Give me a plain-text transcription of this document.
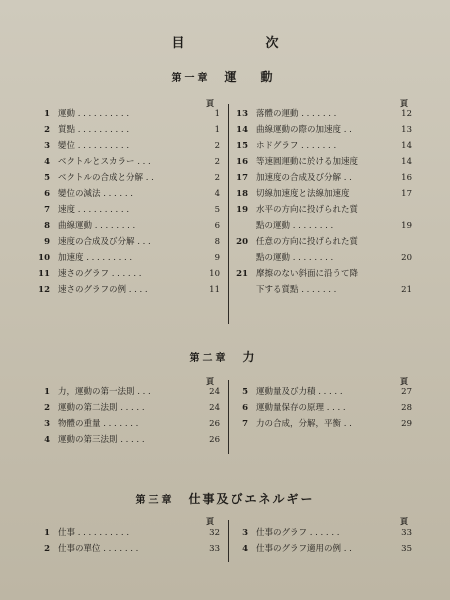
目　次
第一章 運　動
頁	頁
1 運動 . . . . . . . . . .	1
2 質點 . . . . . . . . . .	1
3 變位 . . . . . . . . . .	2
4 ベクトルとスカラー . . .	2
5 ベクトルの合成と分解 . .	2
6 變位の減法 . . . . . .	4
7 速度 . . . . . . . . . .	5
8 曲線運動 . . . . . . . .	6
9 速度の合成及び分解 . . .	8
10 加速度 . . . . . . . . .	9
11 速さのグラフ . . . . . .	10
12 速さのグラフの例 . . . .	11
13 落體の運動 . . . . . . .	12
14 曲線運動の際の加速度 . .	13
15 ホドグラフ . . . . . . .	14
16 等速圓運動に於ける加速度	14
17 加速度の合成及び分解 . .	16
18 切線加速度と法線加速度	17
19 水平の方向に投げられた質
點の運動 . . . . . . . .	19
20 任意の方向に投げられた質
點の運動 . . . . . . . .	20
21 摩擦のない斜面に沿うて降
下する質點 . . . . . . .	21
第二章 力
頁	頁
1 力，運動の第一法則 . . .	24
2 運動の第二法則 . . . . .	24
3 物體の重量 . . . . . . .	26
4 運動の第三法則 . . . . .	26
5 運動量及び力積 . . . . .	27
6 運動量保存の原理 . . . .	28
7 力の合成，分解，平衡 . .	29
第三章 仕事及びエネルギー
頁	頁
1 仕事 . . . . . . . . . .	32
2 仕事の單位 . . . . . . .	33
3 仕事のグラフ . . . . . .	33
4 仕事のグラフ適用の例 . .	35
